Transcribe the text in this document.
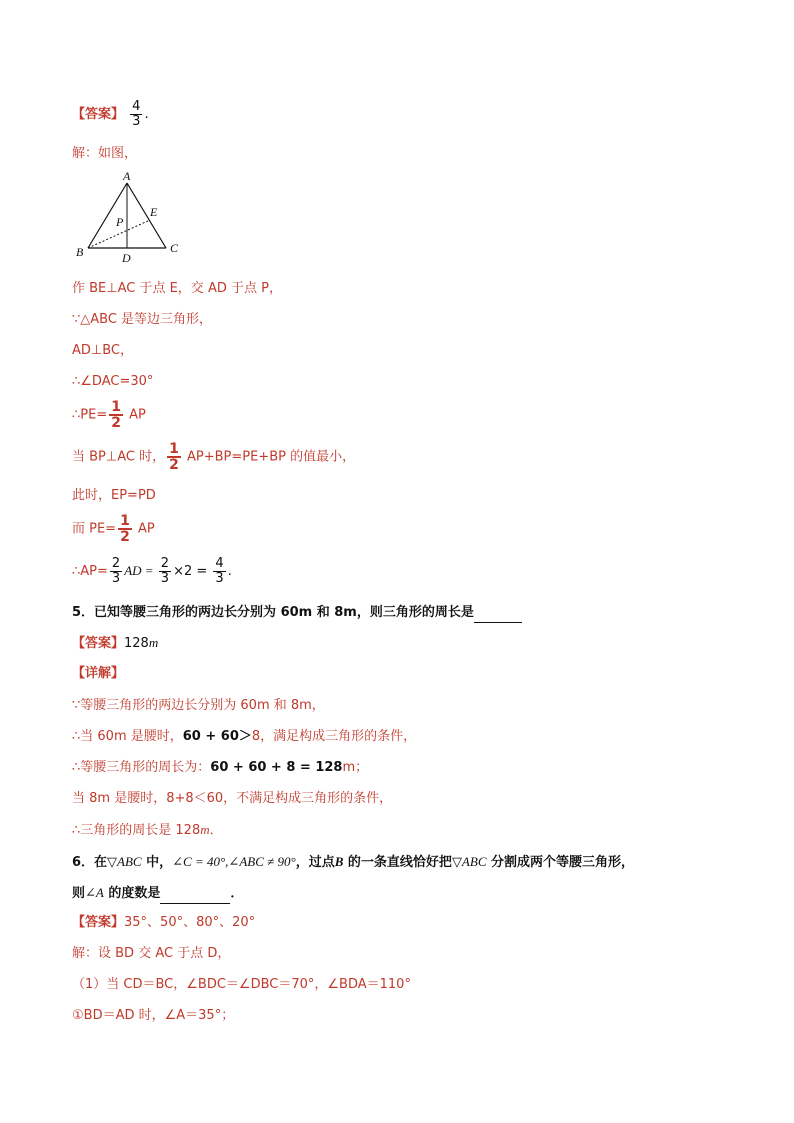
【答案】 $\frac{4}{3}$ .
解：如图，
A
B	C
D
E
P
作 BE⊥AC 于点 E，交 AD 于点 P，
∵△ABC 是等边三角形，
AD⊥BC，
∴∠DAC=30°
∴PE= $\frac{1}{2}$ AP
当 BP⊥AC 时， $\frac{1}{2} AP+BP=PE+BP$ 的值最小，
此时，EP=PD
而 $PE= \frac{1}{2}$ AP
∴AP= $\frac{2}{3}$ AD = $\frac{2}{3} \times 2 = \frac{4}{3}$ .
5．已知等腰三角形的两边长分别为 60m 和 8m，则三角形的周长是
【答案】128m
【详解】
∵等腰三角形的两边长分别为 60m 和 8m，
∴当 60m 是腰时，60 + 60＞8，满足构成三角形的条件，
∴等腰三角形的周长为：60 + 60 + 8 = 128m；
当 8m 是腰时，8+8＜60，不满足构成三角形的条件，
∴三角形的周长是 128m．
6．在▽ABC 中，∠C = 40°,∠ABC ≠ 90°，过点B 的一条直线恰好把▽ABC 分割成两个等腰三角形，
则∠A 的度数是	．
【答案】35°、50°、80°、20°
解：设 BD 交 AC 于点 D，
（1）当 CD＝BC，∠BDC＝∠DBC＝70°，∠BDA＝110°
①BD＝AD 时，∠A＝35°；
